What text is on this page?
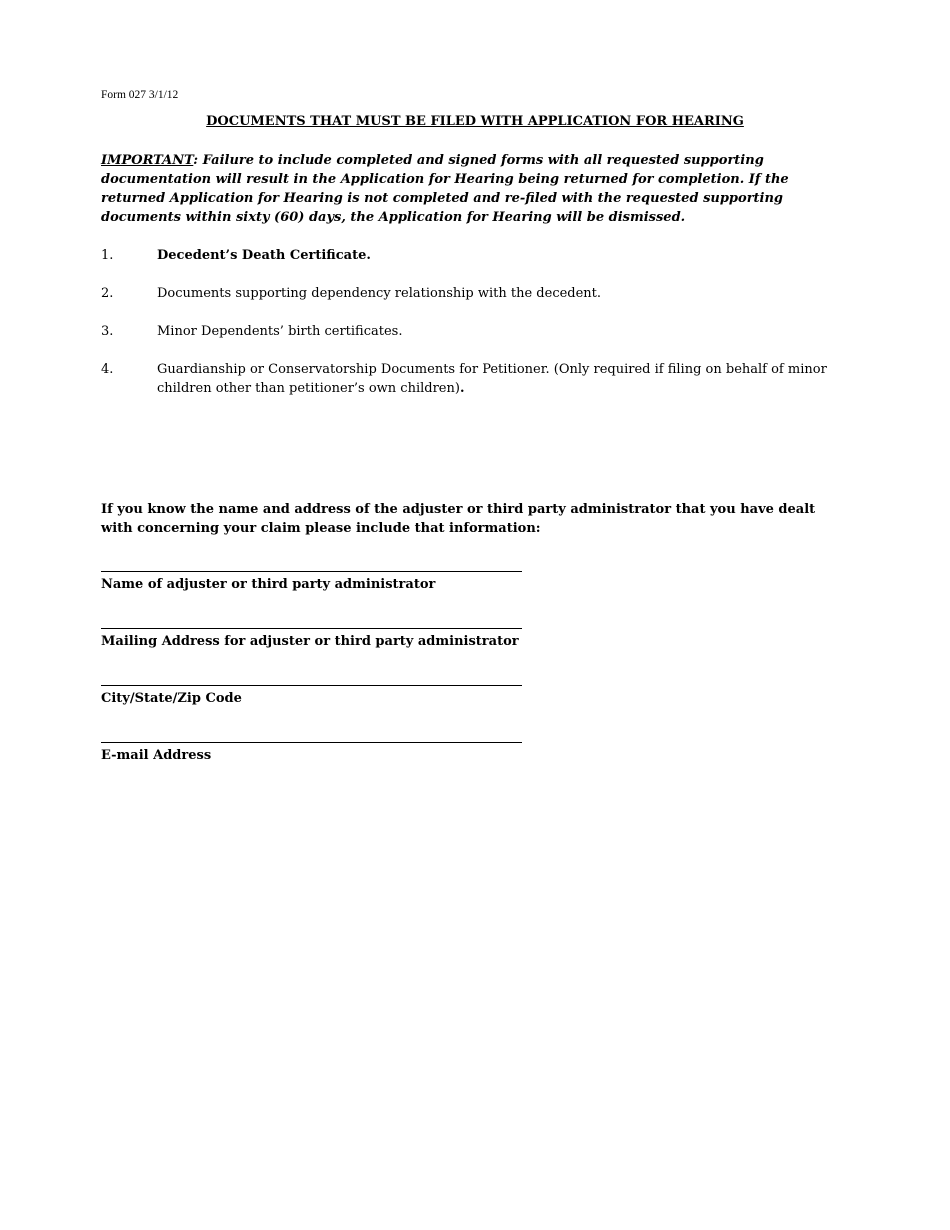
Form 027 3/1/12
DOCUMENTS THAT MUST BE FILED WITH APPLICATION FOR HEARING
IMPORTANT: Failure to include completed and signed forms with all requested supporting documentation will result in the Application for Hearing being returned for completion. If the returned Application for Hearing is not completed and re-filed with the requested supporting documents within sixty (60) days, the Application for Hearing will be dismissed.
1.	Decedent’s Death Certificate.
2.	Documents supporting dependency relationship with the decedent.
3.	Minor Dependents’ birth certificates.
4.	Guardianship or Conservatorship Documents for Petitioner. (Only required if filing on behalf of minor children other than petitioner’s own children).
If you know the name and address of the adjuster or third party administrator that you have dealt with concerning your claim please include that information:
Name of adjuster or third party administrator
Mailing Address for adjuster or third party administrator
City/State/Zip Code
E-mail Address
